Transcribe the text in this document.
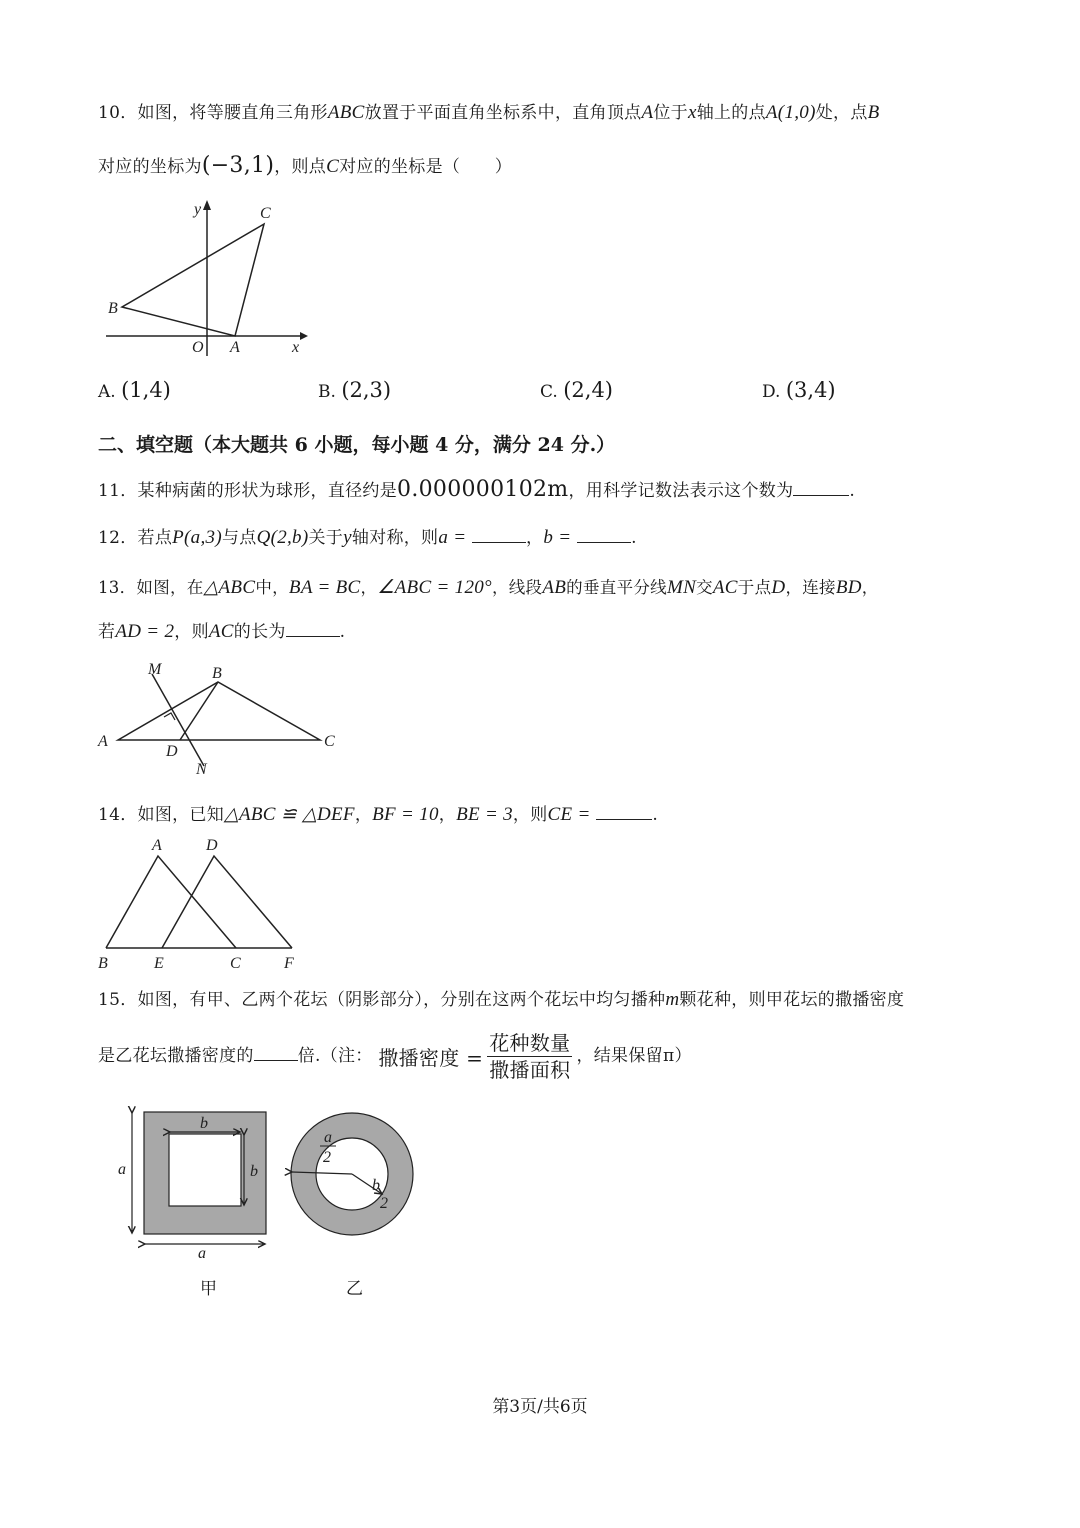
10．如图，将等腰直角三角形ABC放置于平面直角坐标系中，直角顶点A位于x轴上的点A(1,0)处，点B
对应的坐标为(−3,1)，则点C对应的坐标是（　　）
y	C
B
O A	x
A. (1,4)	B. (2,3)	C. (2,4)	D. (3,4)
二、填空题（本大题共 6 小题，每小题 4 分，满分 24 分.）
11．某种病菌的形状为球形，直径约是0.000000102m，用科学记数法表示这个数为	.
12．若点P(a,3)与点Q(2,b)关于y轴对称，则a =	，b =	.
13．如图，在△ABC中，BA = BC，∠ABC = 120°，线段AB的垂直平分线MN交AC于点D，连接BD，
若AD = 2，则AC的长为	.
M	B
A
D
C
N
14．如图，已知△ABC ≌ △DEF，BF = 10，BE = 3，则CE =	.
A	D
B	E	C	F
15．如图，有甲、乙两个花坛（阴影部分），分别在这两个花坛中均匀播种m颗花种，则甲花坛的撒播密度
是乙花坛撒播密度的	倍.（注： 撒播密度 = $\frac{\text{花种数量}}{\text{撒播面积}}$ ，结果保留π）
b
a	b
a
a
2
b
2
甲	乙
第3页/共6页
